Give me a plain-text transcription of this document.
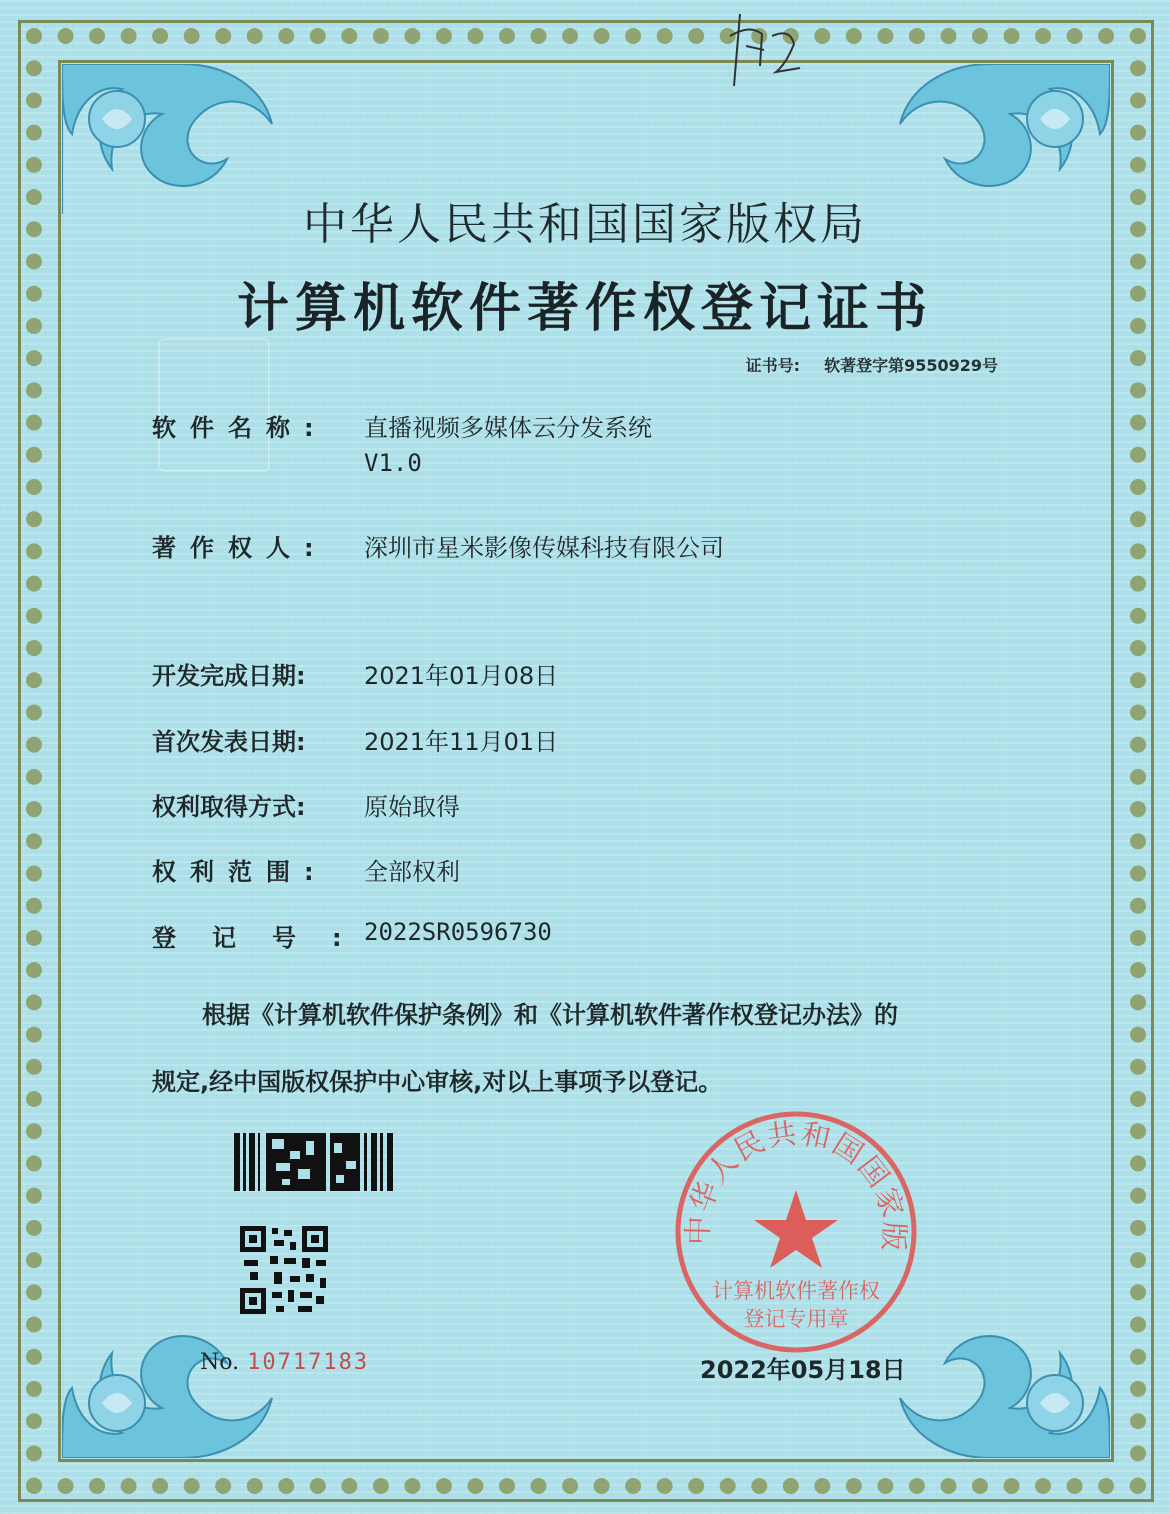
中华人民共和国国家版权局
计算机软件著作权登记证书
证书号: 软著登字第9550929号
软件名称: 直播视频多媒体云分发系统
V1.0
著作权人: 深圳市星米影像传媒科技有限公司
开发完成日期: 2021年01月08日
首次发表日期: 2021年11月01日
权利取得方式: 原始取得
权利范围: 全部权利
登记号:2022SR0596730
根据《计算机软件保护条例》和《计算机软件著作权登记办法》的
规定,经中国版权保护中心审核,对以上事项予以登记。
No. 10717183
中华人民共和国国家版
计算机软件著作权
登记专用章
2022年05月18日
